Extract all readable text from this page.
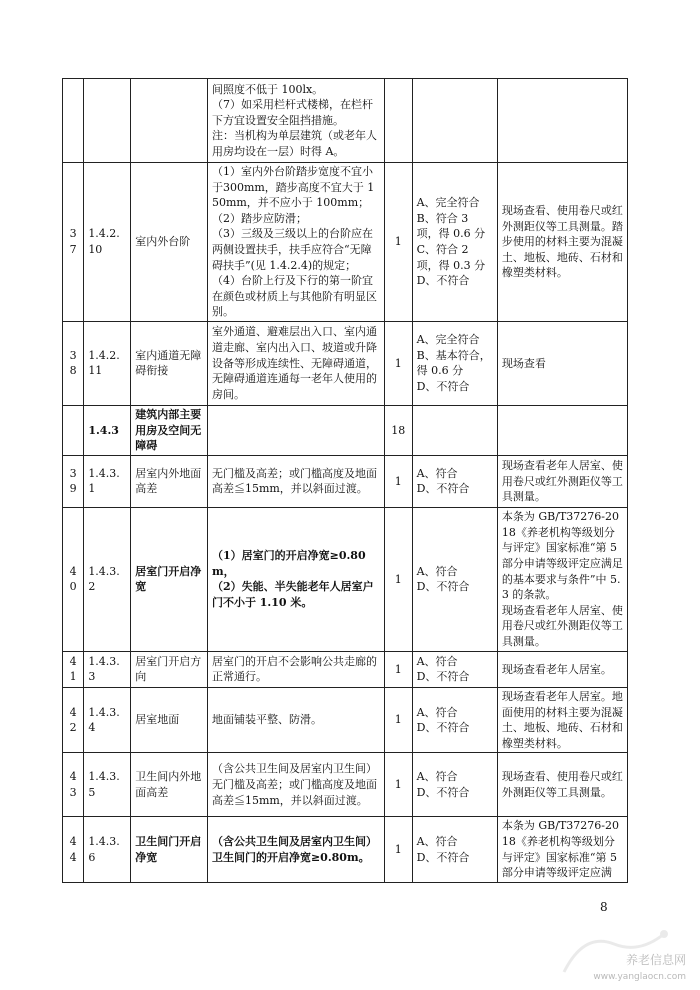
			间照度不低于 100lx。
（7）如采用栏杆式楼梯，在栏杆下方宜设置安全阻挡措施。
注：当机构为单层建筑（或老年人用房均设在一层）时得 A。			
37	1.4.2.10	室内外台阶	（1）室内外台阶踏步宽度不宜小于300mm，踏步高度不宜大于 150mm，并不应小于 100mm；
（2）踏步应防滑；
（3）三级及三级以上的台阶应在两侧设置扶手，扶手应符合“无障碍扶手”(见 1.4.2.4)的规定；
（4）台阶上行及下行的第一阶宜在颜色或材质上与其他阶有明显区别。	1	A、完全符合
B、符合 3 项，得 0.6 分
C、符合 2 项，得 0.3 分
D、不符合	现场查看、使用卷尺或红外测距仪等工具测量。踏步使用的材料主要为混凝土、地板、地砖、石材和橡塑类材料。
38	1.4.2.11	室内通道无障碍衔接	室外通道、避难层出入口、室内通道走廊、室内出入口、坡道或升降设备等形成连续性、无障碍通道，无障碍通道连通每一老年人使用的房间。	1	A、完全符合
B、基本符合，得 0.6 分
D、不符合	现场查看
	1.4.3	建筑内部主要用房及空间无障碍		18		
39	1.4.3.1	居室内外地面高差	无门槛及高差；或门槛高度及地面高差≦15mm，并以斜面过渡。	1	A、符合
D、不符合	现场查看老年人居室、使用卷尺或红外测距仪等工具测量。
40	1.4.3.2	居室门开启净宽	（1）居室门的开启净宽≥0.80m，
（2）失能、半失能老年人居室户门不小于 1.10 米。	1	A、符合
D、不符合	本条为 GB/T37276-2018《养老机构等级划分与评定》国家标准“第 5 部分申请等级评定应满足的基本要求与条件”中 5.3 的条款。
现场查看老年人居室、使用卷尺或红外测距仪等工具测量。
41	1.4.3.3	居室门开启方向	居室门的开启不会影响公共走廊的正常通行。	1	A、符合
D、不符合	现场查看老年人居室。
42	1.4.3.4	居室地面	地面铺装平整、防滑。	1	A、符合
D、不符合	现场查看老年人居室。地面使用的材料主要为混凝土、地板、地砖、石材和橡塑类材料。
43	1.4.3.5	卫生间内外地面高差	（含公共卫生间及居室内卫生间）
无门槛及高差；或门槛高度及地面高差≦15mm，并以斜面过渡。	1	A、符合
D、不符合	现场查看、使用卷尺或红外测距仪等工具测量。
44	1.4.3.6	卫生间门开启净宽	（含公共卫生间及居室内卫生间）
卫生间门的开启净宽≥0.80m。	1	A、符合
D、不符合	本条为 GB/T37276-2018《养老机构等级划分与评定》国家标准“第 5 部分申请等级评定应满
8
养老信息网
www.yanglaocn.com
